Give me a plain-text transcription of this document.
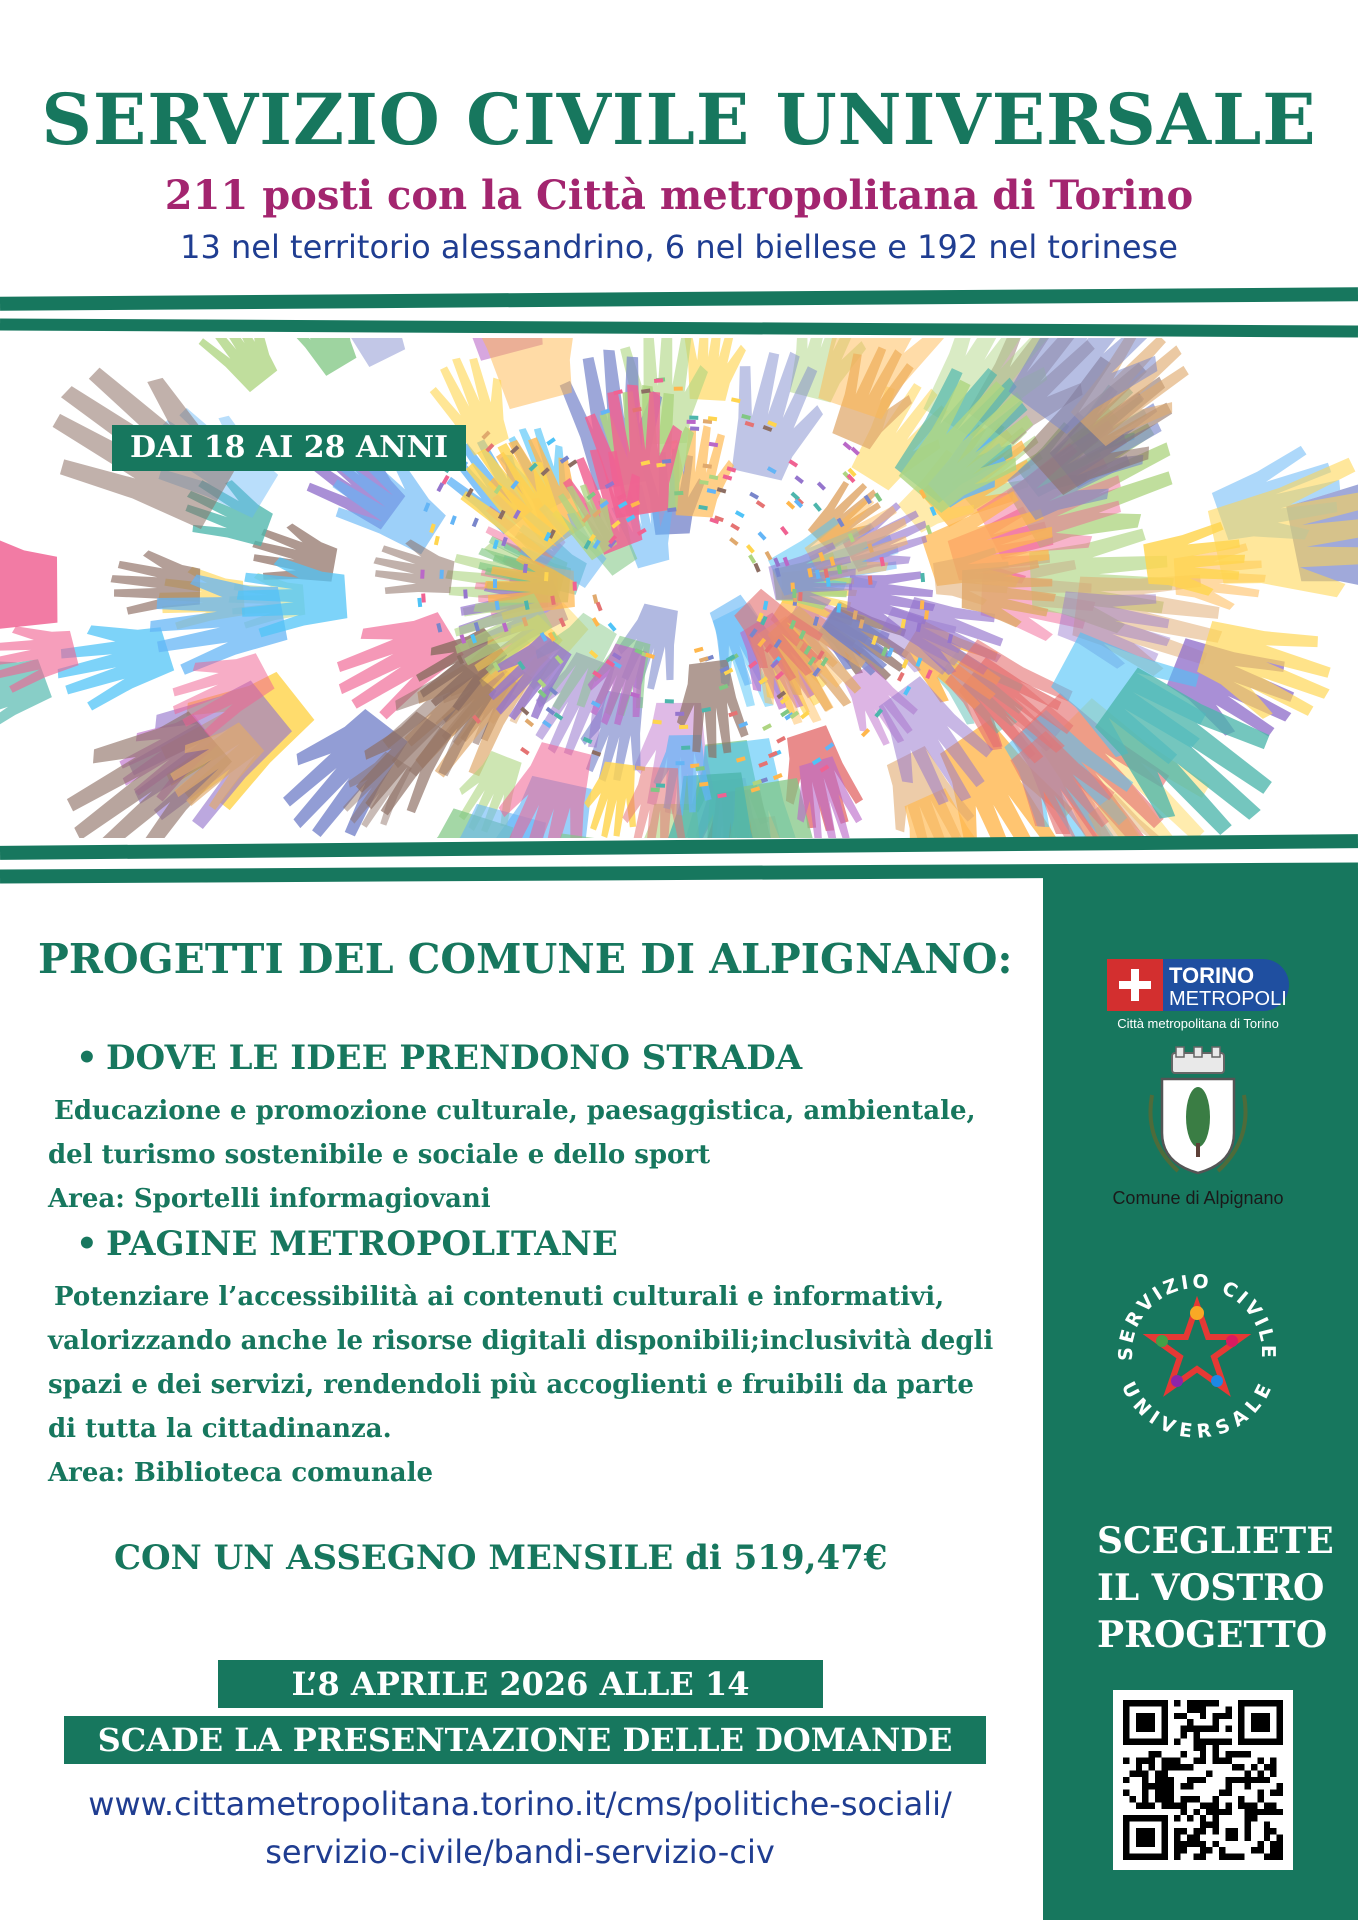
SERVIZIO CIVILE UNIVERSALE
211 posti con la Città metropolitana di Torino
13 nel territorio alessandrino, 6 nel biellese e 192 nel torinese
DAI 18 AI 28 ANNI
TORINO
METROPOLI
Città metropolitana di Torino
Comune di Alpignano
SERVIZIO CIVILE
UNIVERSALE
SCEGLIETE
IL VOSTRO
PROGETTO
PROGETTI DEL COMUNE DI ALPIGNANO:
• DOVE LE IDEE PRENDONO STRADA
Educazione e promozione culturale, paesaggistica, ambientale, del turismo sostenibile e sociale e dello sport
Area: Sportelli informagiovani
• PAGINE METROPOLITANE
Potenziare l’accessibilità ai contenuti culturali e informativi, valorizzando anche le risorse digitali disponibili;inclusività degli spazi e dei servizi, rendendoli più accoglienti e fruibili da parte di tutta la cittadinanza.
Area: Biblioteca comunale
CON UN ASSEGNO MENSILE di 519,47€
L’8 APRILE 2026 ALLE 14
SCADE LA PRESENTAZIONE DELLE DOMANDE
www.cittametropolitana.torino.it/cms/politiche-sociali/
servizio-civile/bandi-servizio-civ
